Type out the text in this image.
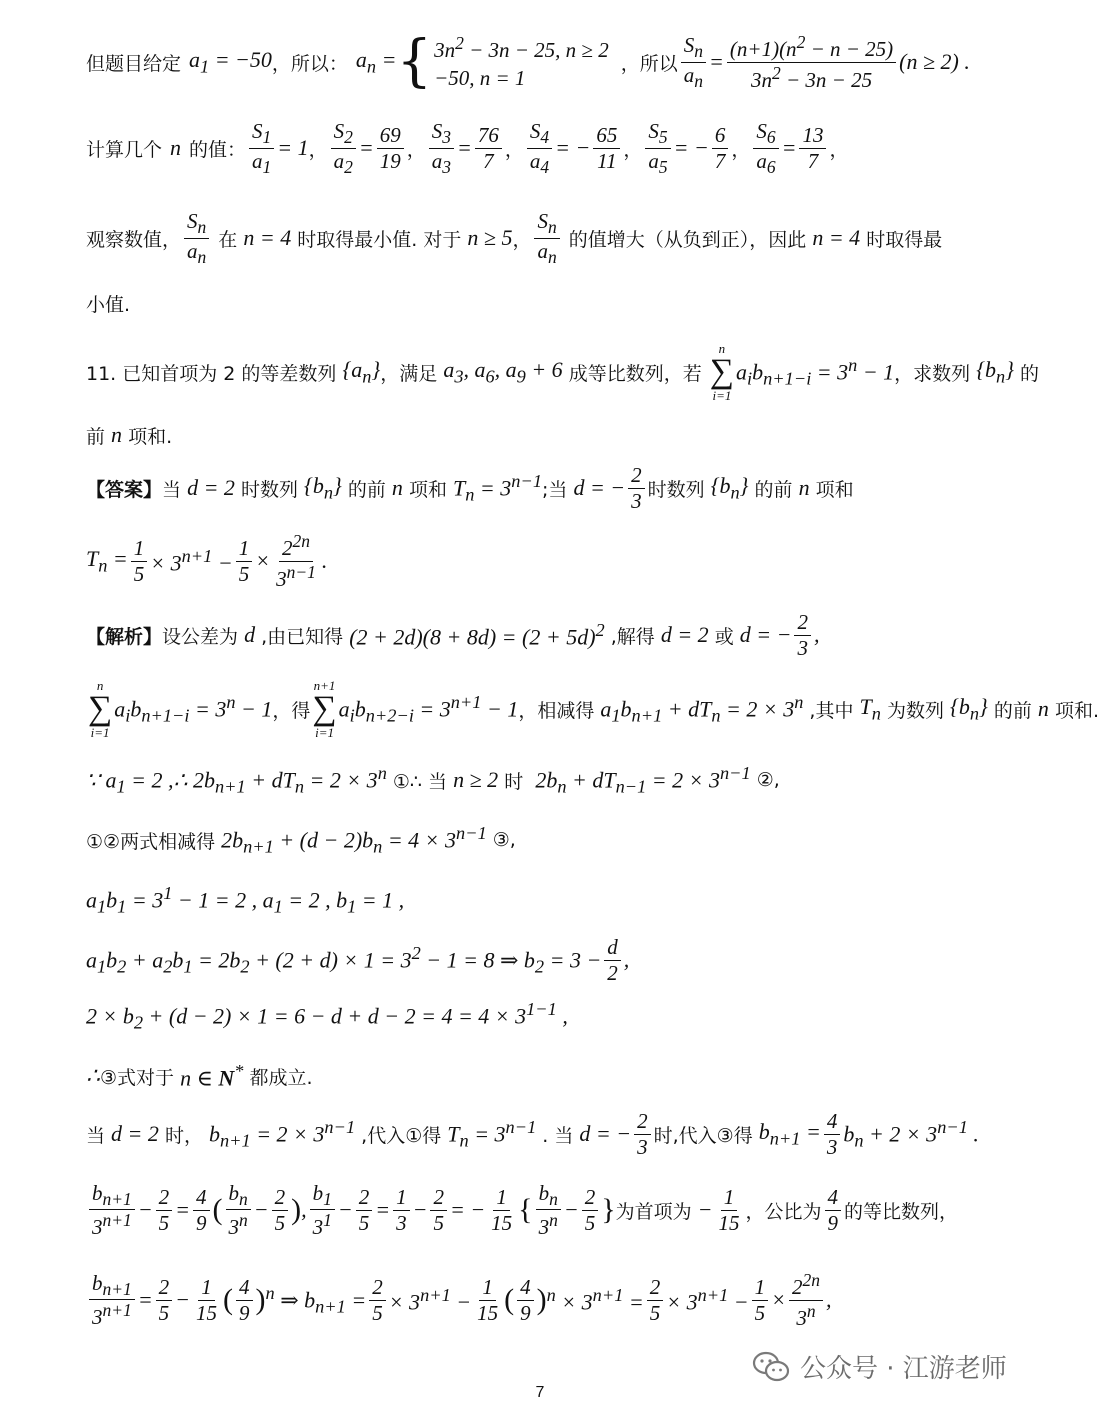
但题目给定 $a_1 = -50$ ，所以： $a_n$ = { $3n^2 - 3n - 25$, n ≥ 2
−50, n = 1
，所以 $\frac{S_n}{a_n} = \frac{(n+1)(n^2 - n - 25)}{3n^2 - 3n - 25} (n \ge 2)$ .
计算几个 n 的值： $\frac{S_1}{a_1} = 1$ ， $\frac{S_2}{a_2} = \frac{69}{19}$ ， $\frac{S_3}{a_3} = \frac{76}{7}$ ， $\frac{S_4}{a_4}$ = − $\frac{65}{11}$ ， $\frac{S_5}{a_5}$ = − $\frac{6}{7}$ ， $\frac{S_6}{a_6} = \frac{13}{7}$ ，
观察数值， $\frac{S_n}{a_n}$ 在 n = 4 时取得最小值. 对于 n ≥ 5 ， $\frac{S_n}{a_n}$ 的值增大（从负到正），因此 n = 4 时取得最
小值.
11. 已知首项为 2 的等差数列 $\{a_n\}$ ，满足 $a_3$, $a_6$, $a_9 + 6$ 成等比数列，若
n
∑
i=1
$a_ib_{n+1-i} = 3^n - 1$ ，求数列 $\{b_n\}$ 的
前 n 项和.
【答案】 当 d = 2 时数列 $\{b_n\}$ 的前 n 项和 $T_n = 3^{n-1}$ ;当 d = − $\frac{2}{3}$ 时数列 $\{b_n\}$ 的前 n 项和
$T_n = \frac{1}{5} \times 3^{n+1} - \frac{1}{5} \times \frac{2^{2n}}{3^{n-1}}$ .
【解析】 设公差为 d ,由已知得 $(2 + 2d)(8 + 8d) = (2 + 5d)^2$ ,解得 d = 2 或 d = − $\frac{2}{3}$ ,
n
∑
i=1
$a_ib_{n+1-i} = 3^n - 1$ ，得
n+1
∑
i=1
$a_ib_{n+2-i} = 3^{n+1} - 1$ ，相减得 $a_1b_{n+1} + dT_n = 2 \times 3^n$ ,其中 $T_n$ 为数列 $\{b_n\}$ 的前 n 项和.
∵ $a_1 = 2$ ,∴ $2b_{n+1} + dT_n = 2 \times 3^n$ ①∴ 当 n ≥ 2 时 $2b_n + dT_{n-1} = 2 \times 3^{n-1}$ ②,
①②两式相减得 $2b_{n+1} + (d - 2)b_n = 4 \times 3^{n-1}$ ③,
$a_1b_1 = 3^1 - 1 = 2$ , $a_1 = 2$ , $b_1 = 1$ ,
$a_1b_2 + a_2b_1 = 2b_2 + (2 + d) \times 1 = 3^2 - 1 = 8$ ⇒ $b_2 = 3 - \frac{d}{2}$ ,
$2 \times b_2 + (d - 2) \times 1 = 6 - d + d - 2 = 4 = 4 \times 3^{1-1}$ ,
∴ ③式对于 n ∈ N* 都成立.
当 d = 2 时， $b_{n+1} = 2 \times 3^{n-1}$ ,代入①得 $T_n = 3^{n-1}$ . 当 d = − $\frac{2}{3}$ 时,代入③得 $b_{n+1} = \frac{4}{3} b_n + 2 \times 3^{n-1}$ .
$\frac{b_{n+1}}{3^{n+1}} - \frac{2}{5} = \frac{4}{9}$ ( $\frac{b_n}{3^n} - \frac{2}{5}$ ) , $\frac{b_1}{3^1} - \frac{2}{5} = \frac{1}{3} - \frac{2}{5}$ = − $\frac{1}{15}$ { $\frac{b_n}{3^n} - \frac{2}{5}$ } 为首项为 − $\frac{1}{15}$ ，公比为 $\frac{4}{9}$ 的等比数列，
$\frac{b_{n+1}}{3^{n+1}} = \frac{2}{5} - \frac{1}{15}$ ( $\frac{4}{9}$ ) $^n$ ⇒ $b_{n+1} = \frac{2}{5} \times 3^{n+1} - \frac{1}{15}$ ( $\frac{4}{9}$ ) $^n \times 3^{n+1} = \frac{2}{5} \times 3^{n+1} - \frac{1}{5} \times \frac{2^{2n}}{3^n}$ ,
公众号 · 江游老师
7
